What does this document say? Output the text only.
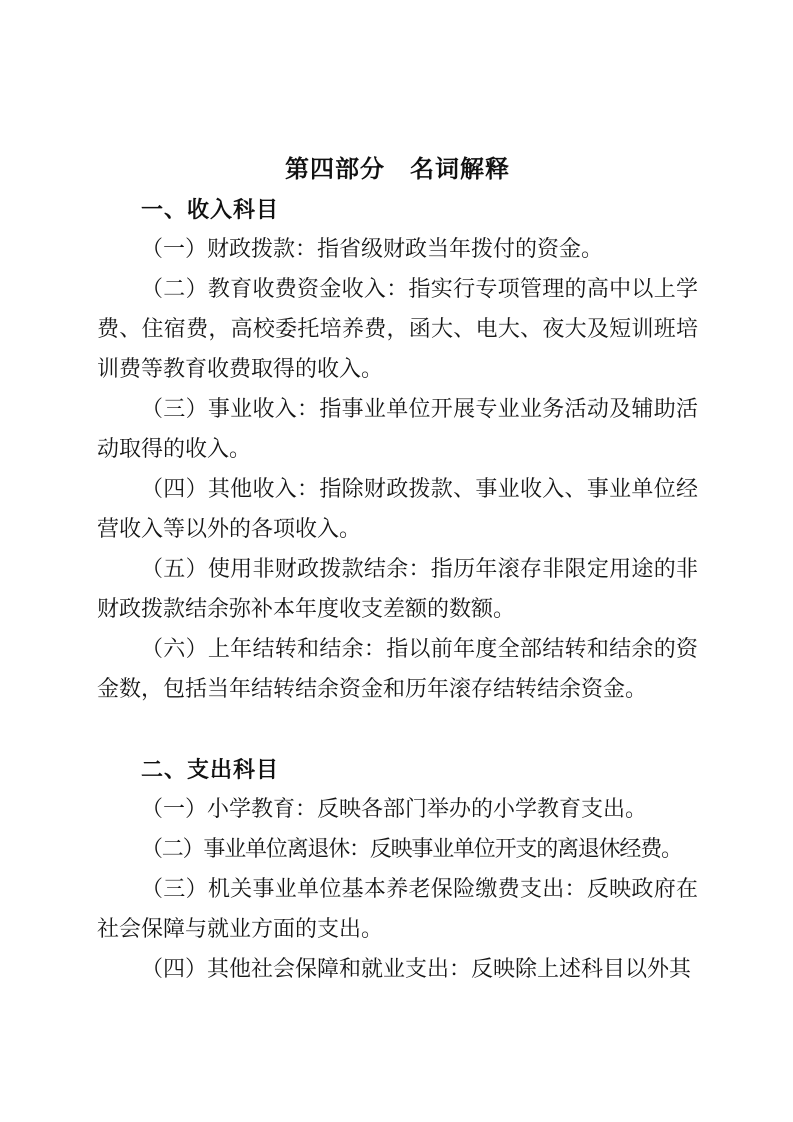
第四部分　名词解释
一、收入科目

（一）财政拨款：指省级财政当年拨付的资金。

（二）教育收费资金收入：指实行专项管理的高中以上学费、住宿费，高校委托培养费，函大、电大、夜大及短训班培训费等教育收费取得的收入。

（三）事业收入：指事业单位开展专业业务活动及辅助活动取得的收入。

（四）其他收入：指除财政拨款、事业收入、事业单位经营收入等以外的各项收入。

（五）使用非财政拨款结余：指历年滚存非限定用途的非财政拨款结余弥补本年度收支差额的数额。

（六）上年结转和结余：指以前年度全部结转和结余的资金数，包括当年结转结余资金和历年滚存结转结余资金。

二、支出科目

（一）小学教育：反映各部门举办的小学教育支出。

（二）事业单位离退休：反映事业单位开支的离退休经费。

（三）机关事业单位基本养老保险缴费支出：反映政府在社会保障与就业方面的支出。

（四）其他社会保障和就业支出：反映除上述科目以外其
